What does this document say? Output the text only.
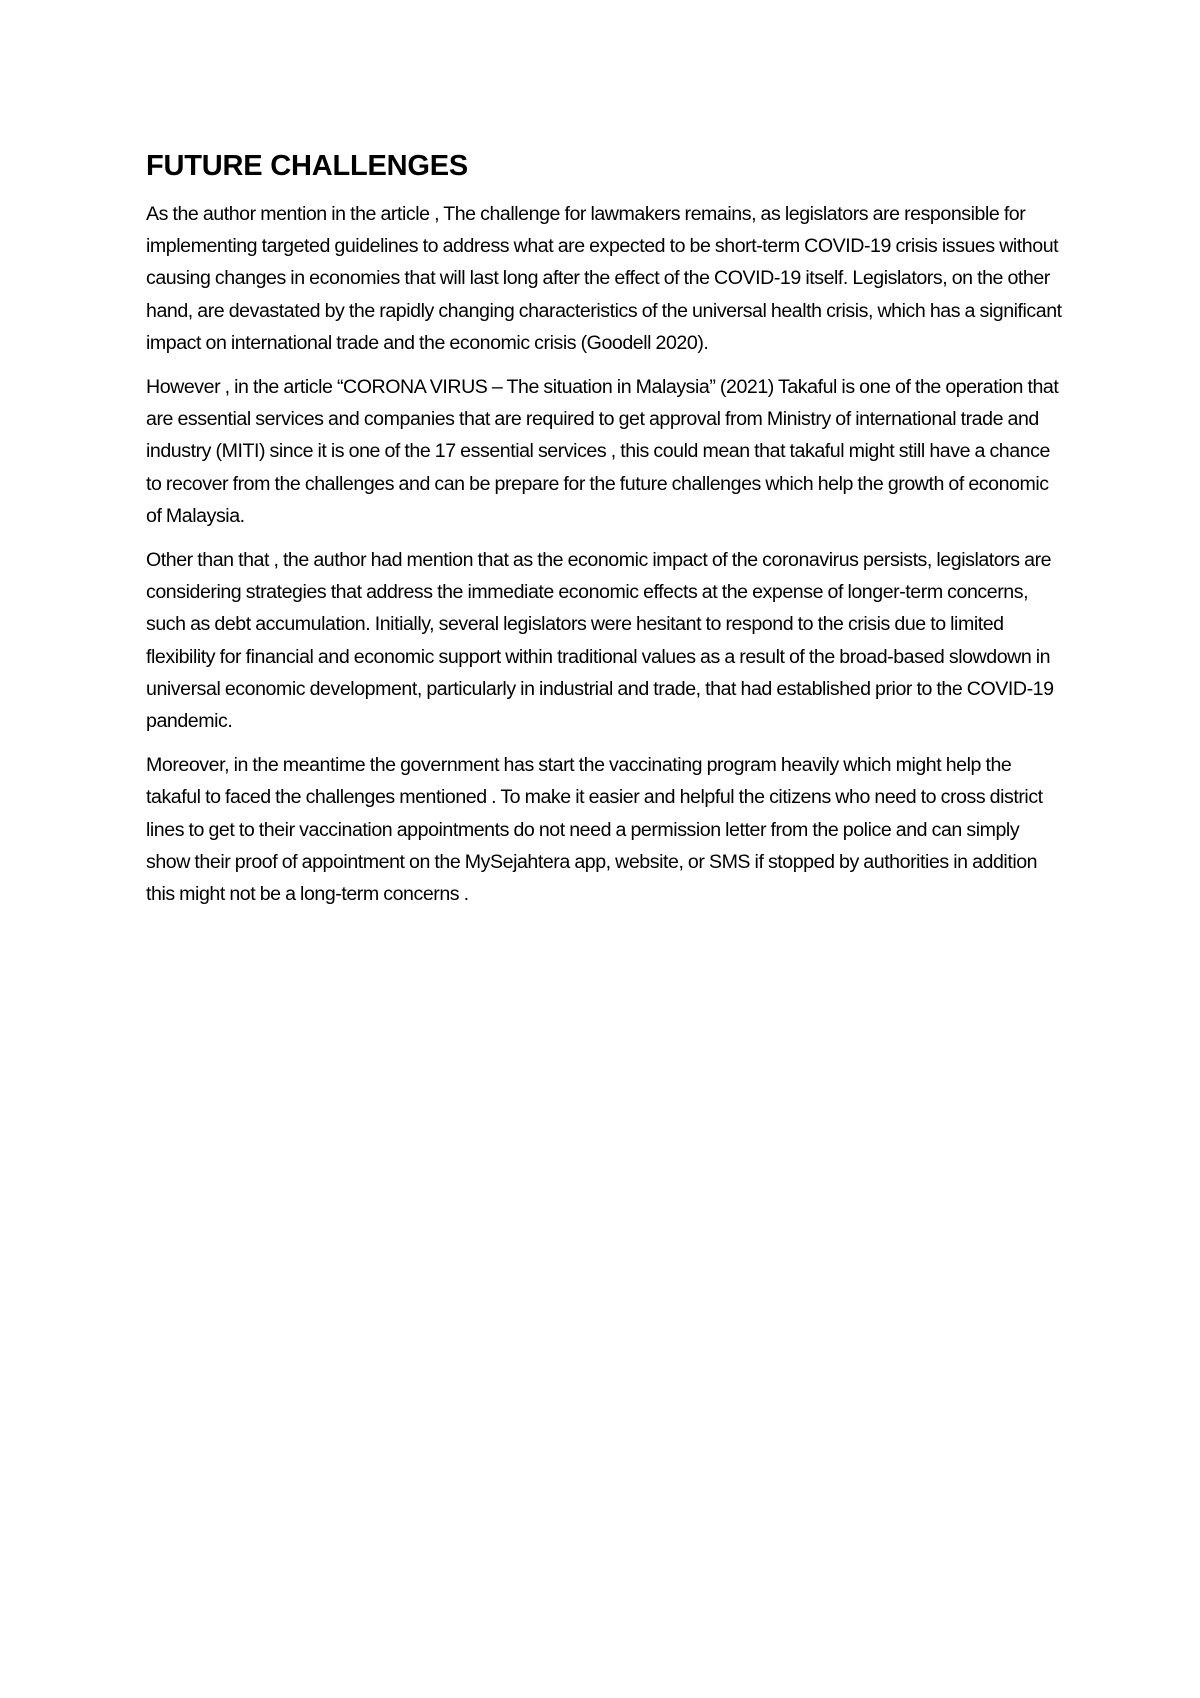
FUTURE CHALLENGES

As the author mention in the article , The challenge for lawmakers remains, as legislators are responsible for implementing targeted guidelines to address what are expected to be short-term COVID-19 crisis issues without causing changes in economies that will last long after the effect of the COVID-19 itself. Legislators, on the other hand, are devastated by the rapidly changing characteristics of the universal health crisis, which has a significant impact on international trade and the economic crisis (Goodell 2020).

However , in the article “CORONA VIRUS – The situation in Malaysia” (2021) Takaful is one of the operation that are essential services and companies that are required to get approval from Ministry of international trade and industry (MITI) since it is one of the 17 essential services , this could mean that takaful might still have a chance to recover from the challenges and can be prepare for the future challenges which help the growth of economic of Malaysia.

Other than that , the author had mention that as the economic impact of the coronavirus persists, legislators are considering strategies that address the immediate economic effects at the expense of longer-term concerns, such as debt accumulation. Initially, several legislators were hesitant to respond to the crisis due to limited flexibility for financial and economic support within traditional values as a result of the broad-based slowdown in universal economic development, particularly in industrial and trade, that had established prior to the COVID-19 pandemic.

Moreover, in the meantime the government has start the vaccinating program heavily which might help the takaful to faced the challenges mentioned . To make it easier and helpful the citizens who need to cross district lines to get to their vaccination appointments do not need a permission letter from the police and can simply show their proof of appointment on the MySejahtera app, website, or SMS if stopped by authorities in addition this might not be a long-term concerns .
